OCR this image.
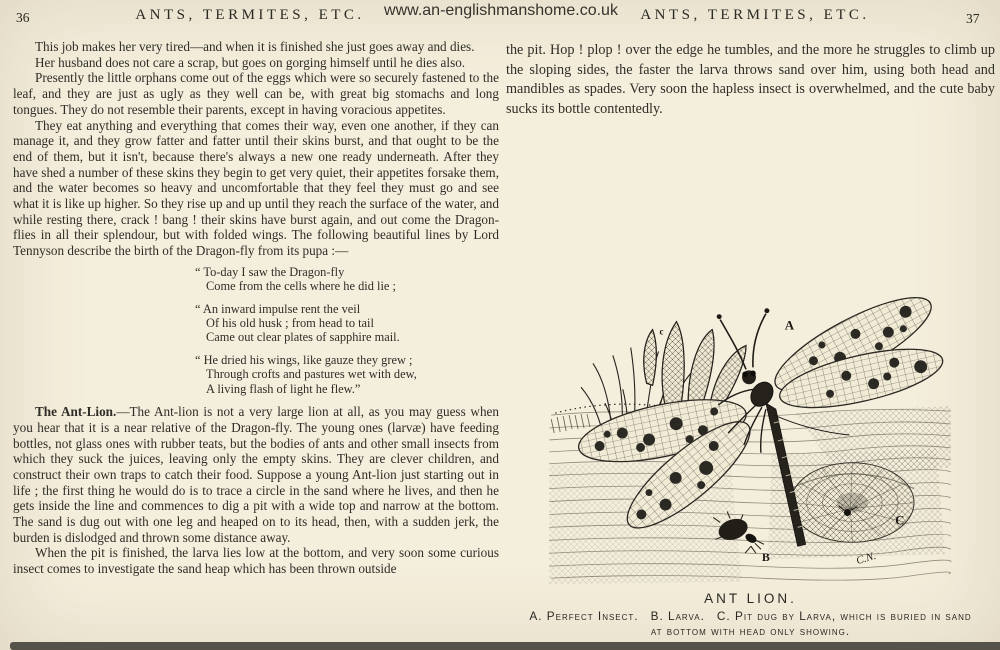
36	ANTS, TERMITES, ETC.	www.an-englishmanshome.co.uk	ANTS, TERMITES, ETC.	37

This job makes her very tired—and when it is finished she just goes away and dies.

Her husband does not care a scrap, but goes on gorging himself until he dies also.

Presently the little orphans come out of the eggs which were so securely fastened to the leaf, and they are just as ugly as they well can be, with great big stomachs and long tongues. They do not resemble their parents, except in having voracious appetites.

They eat anything and everything that comes their way, even one another, if they can manage it, and they grow fatter and fatter until their skins burst, and that ought to be the end of them, but it isn't, because there's always a new one ready underneath. After they have shed a number of these skins they begin to get very quiet, their appetites forsake them, and the water becomes so heavy and uncomfortable that they feel they must go and see what it is like up higher. So they rise up and up until they reach the surface of the water, and while resting there, crack ! bang ! their skins have burst again, and out come the Dragon-flies in all their splendour, but with folded wings. The following beautiful lines by Lord Tennyson describe the birth of the Dragon-fly from its pupa :—

“ To-day I saw the Dragon-fly

Come from the cells where he did lie ;

“ An inward impulse rent the veil

Of his old husk ; from head to tail

Came out clear plates of sapphire mail.

“ He dried his wings, like gauze they grew ;

Through crofts and pastures wet with dew,

A living flash of light he flew.”

The Ant-Lion.—The Ant-lion is not a very large lion at all, as you may guess when you hear that it is a near relative of the Dragon-fly. The young ones (larvæ) have feeding bottles, not glass ones with rubber teats, but the bodies of ants and other small insects from which they suck the juices, leaving only the empty skins. They are clever children, and construct their own traps to catch their food. Suppose a young Ant-lion just starting out in life ; the first thing he would do is to trace a circle in the sand where he lives, and then he gets inside the line and commences to dig a pit with a wide top and narrow at the bottom. The sand is dug out with one leg and heaped on to its head, then, with a sudden jerk, the burden is dislodged and thrown some distance away.

When the pit is finished, the larva lies low at the bottom, and very soon some curious insect comes to investigate the sand heap which has been thrown outside

the pit. Hop ! plop ! over the edge he tumbles, and the more he struggles to climb up the sloping sides, the faster the larva throws sand over him, using both head and mandibles as spades. Very soon the hapless insect is overwhelmed, and the cute baby sucks its bottle contentedly.

A
B
C
c
C.N.
ANT LION.
A. Perfect Insect. B. Larva. C. Pit dug by Larva, which is buried in sand
at bottom with head only showing.
